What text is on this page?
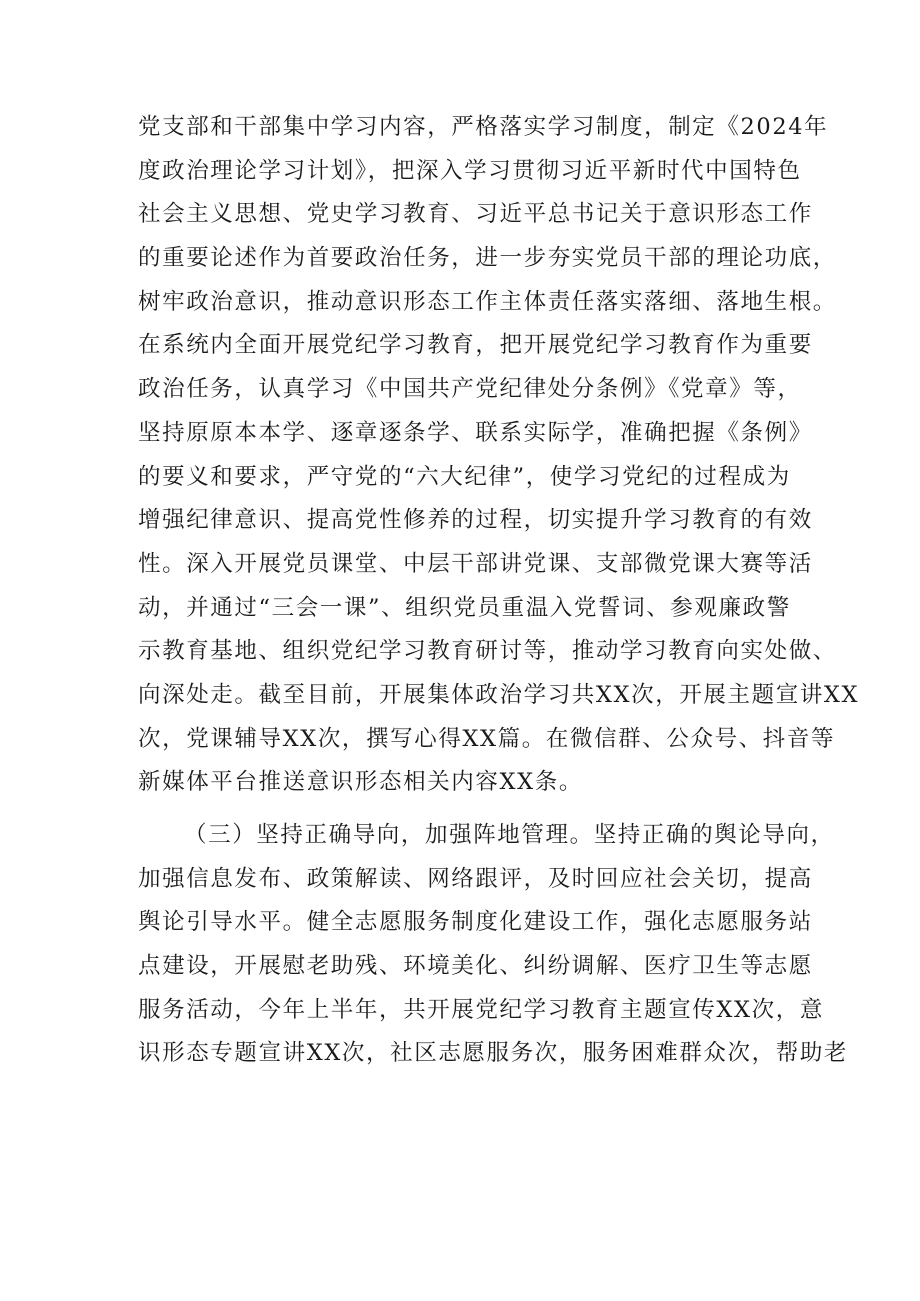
党支部和干部集中学习内容，严格落实学习制度，制定《2024年
度政治理论学习计划》，把深入学习贯彻习近平新时代中国特色
社会主义思想、党史学习教育、习近平总书记关于意识形态工作
的重要论述作为首要政治任务，进一步夯实党员干部的理论功底，
树牢政治意识，推动意识形态工作主体责任落实落细、落地生根。
在系统内全面开展党纪学习教育，把开展党纪学习教育作为重要
政治任务，认真学习《中国共产党纪律处分条例》《党章》等，
坚持原原本本学、逐章逐条学、联系实际学，准确把握《条例》
的要义和要求，严守党的“六大纪律”，使学习党纪的过程成为
增强纪律意识、提高党性修养的过程，切实提升学习教育的有效
性。深入开展党员课堂、中层干部讲党课、支部微党课大赛等活
动，并通过“三会一课”、组织党员重温入党誓词、参观廉政警
示教育基地、组织党纪学习教育研讨等，推动学习教育向实处做、
向深处走。截至目前，开展集体政治学习共XX次，开展主题宣讲XX
次，党课辅导XX次，撰写心得XX篇。在微信群、公众号、抖音等
新媒体平台推送意识形态相关内容XX条。
（三）坚持正确导向，加强阵地管理。坚持正确的舆论导向，
加强信息发布、政策解读、网络跟评，及时回应社会关切，提高
舆论引导水平。健全志愿服务制度化建设工作，强化志愿服务站
点建设，开展慰老助残、环境美化、纠纷调解、医疗卫生等志愿
服务活动，今年上半年，共开展党纪学习教育主题宣传XX次，意
识形态专题宣讲XX次，社区志愿服务次，服务困难群众次，帮助老
